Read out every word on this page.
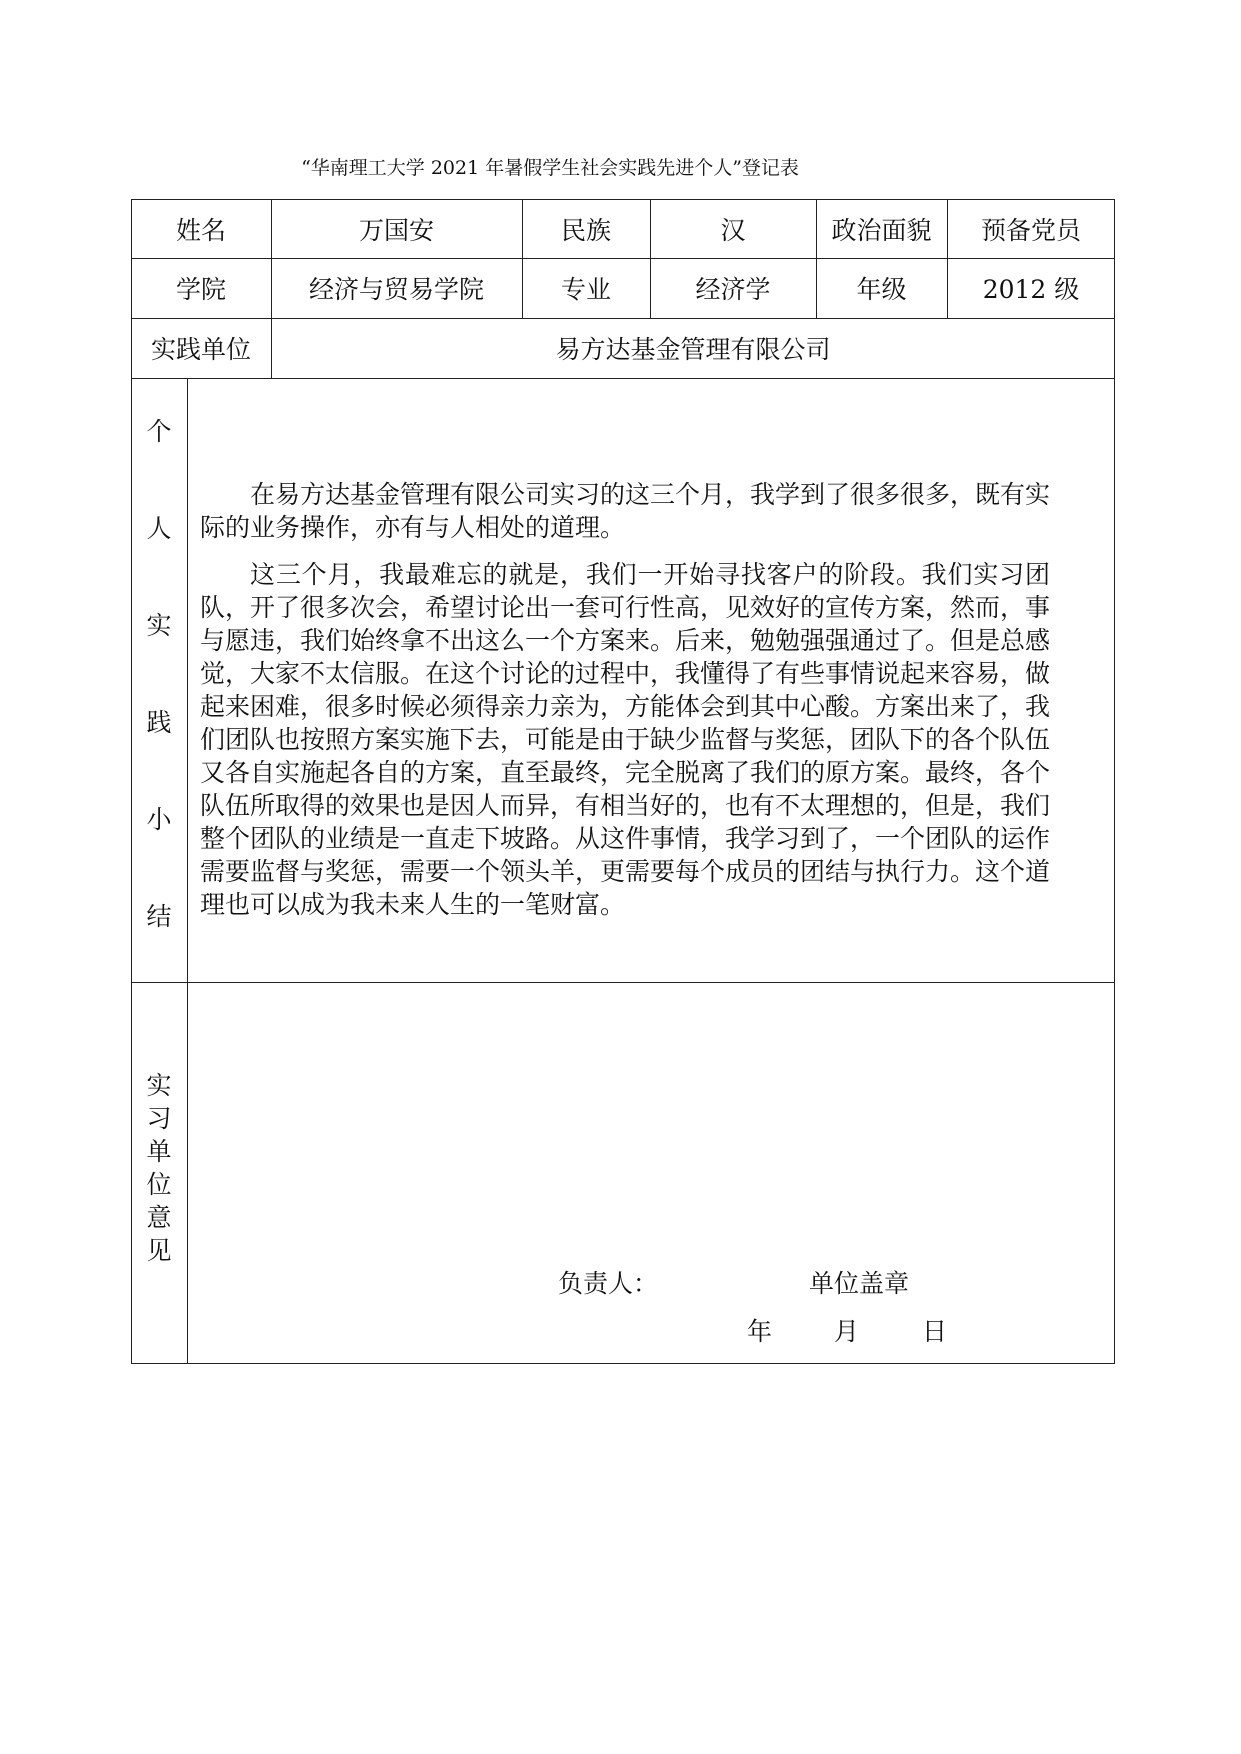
“华南理工大学 2021 年暑假学生社会实践先进个人”登记表
姓名	万国安	民族	汉	政治面貌	预备党员
学院	经济与贸易学院	专业	经济学	年级	2012 级
实践单位	易方达基金管理有限公司
个
人
实
践
小
结

在易方达基金管理有限公司实习的这三个月，我学到了很多很多，既有实际的业务操作，亦有与人相处的道理。

这三个月，我最难忘的就是，我们一开始寻找客户的阶段。我们实习团队，开了很多次会，希望讨论出一套可行性高，见效好的宣传方案，然而，事与愿违，我们始终拿不出这么一个方案来。后来，勉勉强强通过了。但是总感觉，大家不太信服。在这个讨论的过程中，我懂得了有些事情说起来容易，做起来困难，很多时候必须得亲力亲为，方能体会到其中心酸。方案出来了，我们团队也按照方案实施下去，可能是由于缺少监督与奖惩，团队下的各个队伍又各自实施起各自的方案，直至最终，完全脱离了我们的原方案。最终，各个队伍所取得的效果也是因人而异，有相当好的，也有不太理想的，但是，我们整个团队的业绩是一直走下坡路。从这件事情，我学习到了，一个团队的运作需要监督与奖惩，需要一个领头羊，更需要每个成员的团结与执行力。这个道理也可以成为我未来人生的一笔财富。

实
习
单
位
意
见
负责人：	单位盖章
年 月	日
